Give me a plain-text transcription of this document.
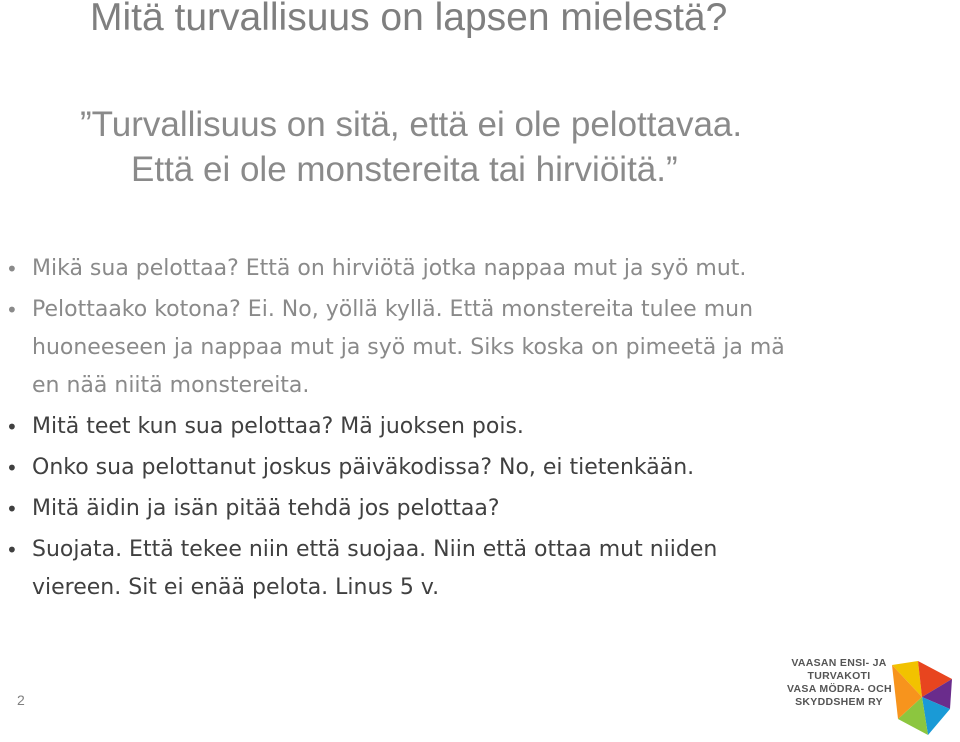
Mitä turvallisuus on lapsen mielestä?
”Turvallisuus on sitä, että ei ole pelottavaa.
Että ei ole monstereita tai hirviöitä.”
• Mikä sua pelottaa? Että on hirviötä jotka nappaa mut ja syö mut.
• Pelottaako kotona? Ei. No, yöllä kyllä. Että monstereita tulee mun
huoneeseen ja nappaa mut ja syö mut. Siks koska on pimeetä ja mä
en nää niitä monstereita.
• Mitä teet kun sua pelottaa? Mä juoksen pois.
• Onko sua pelottanut joskus päiväkodissa? No, ei tietenkään.
• Mitä äidin ja isän pitää tehdä jos pelottaa?
• Suojata. Että tekee niin että suojaa. Niin että ottaa mut niiden
viereen. Sit ei enää pelota. Linus 5 v.
2
VAASAN ENSI- JA
TURVAKOTI
VASA MÖDRA- OCH
SKYDDSHEM RY
